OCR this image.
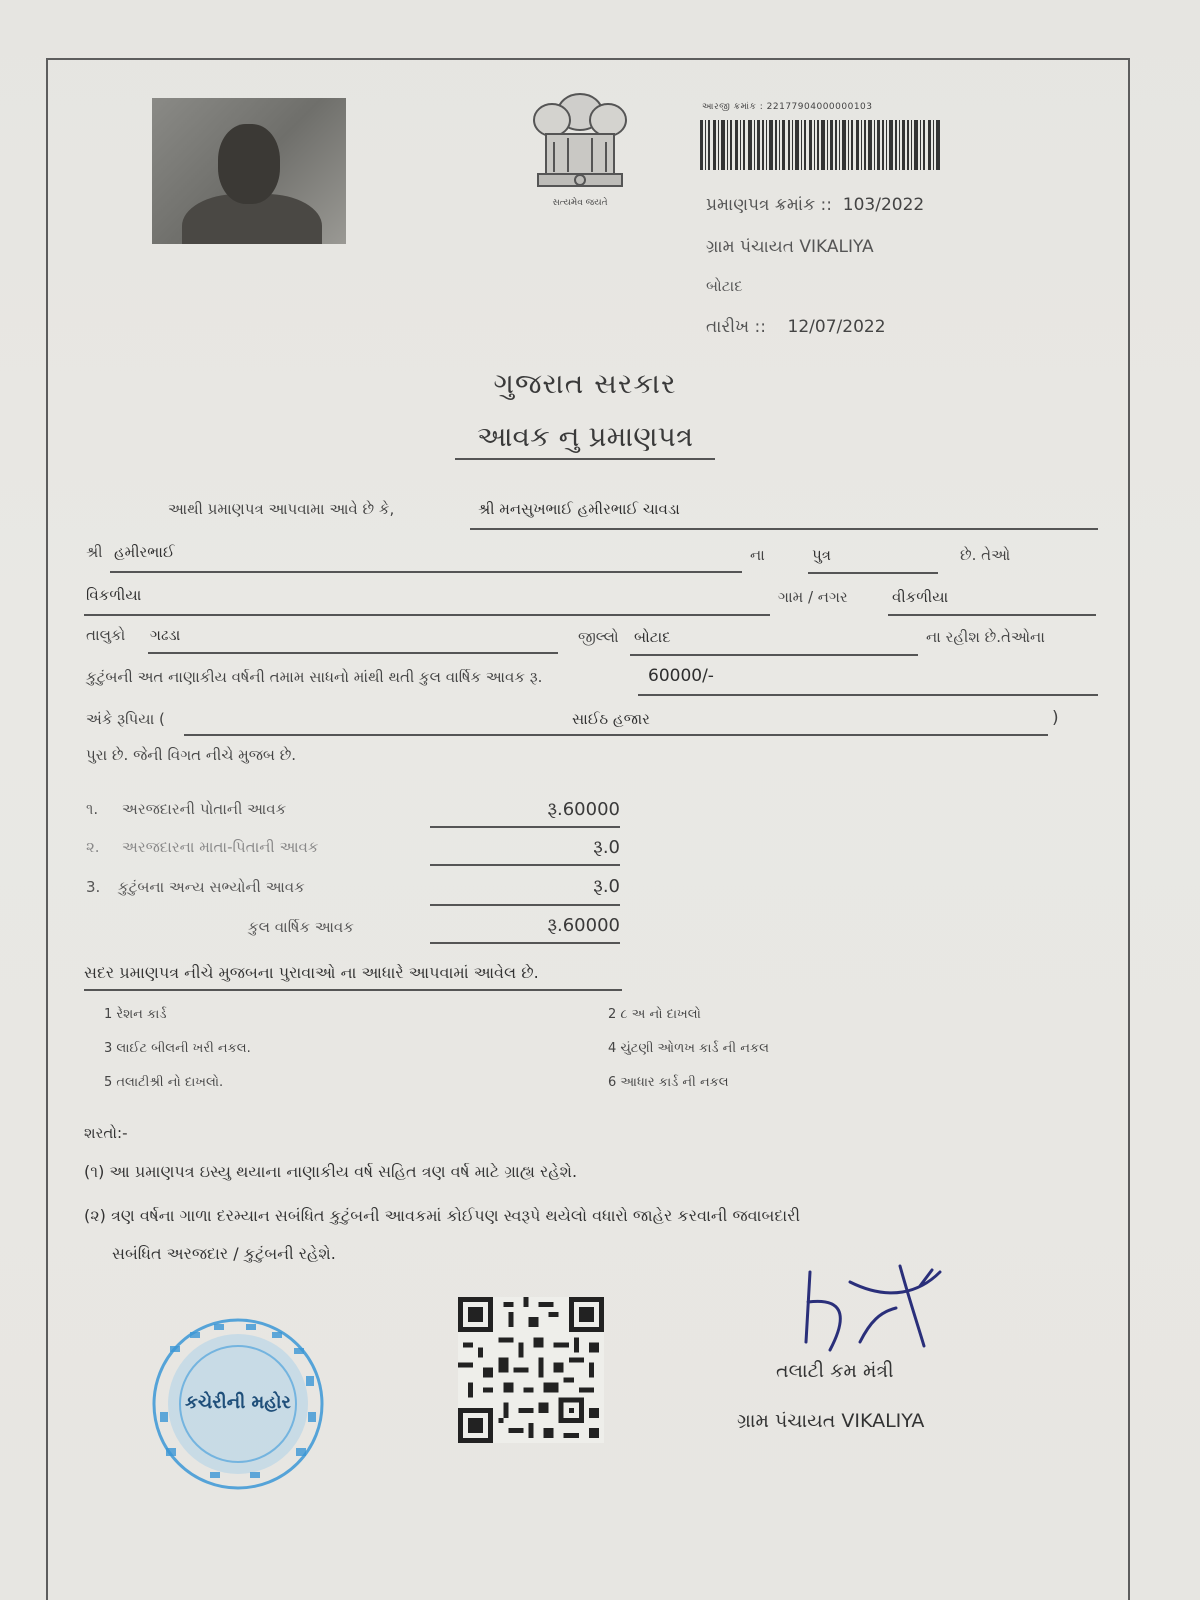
સત્યમેવ જયતે
આરજી ક્રમાંક : 22177904000000103
પ્રમાણપત્ર ક્રમાંક :: 103/2022
ગ્રામ પંચાયત VIKALIYA
બોટાદ
તારીખ :: 12/07/2022
ગુજરાત સરકાર
આવક નુ પ્રમાણપત્ર
આથી પ્રમાણપત્ર આપવામા આવે છે કે,	શ્રી મનસુખભાઈ હમીરભાઈ ચાવડા
શ્રી હમીરભાઈ	ના	પુત્ર	છે. તેઓ
વિકળીયા	ગામ / નગર	વીકળીયા
તાલુકો ગઢડા	જીલ્લો બોટાદ	ના રહીશ છે.તેઓના
કુટુંબની અત નાણાકીય વર્ષની તમામ સાધનો માંથી થતી કુલ વાર્ષિક આવક રૂ.	60000/-
અંકે રૂપિયા (	સાઈઠ હજાર	)
પુરા છે. જેની વિગત નીચે મુજબ છે.
૧. અરજદારની પોતાની આવક	રૂ.60000
૨. અરજદારના માતા-પિતાની આવક	રૂ.0
3. કુટુંબના અન્ય સભ્યોની આવક	રૂ.0
કુલ વાર્ષિક આવક	રૂ.60000
સદર પ્રમાણપત્ર નીચે મુજબના પુરાવાઓ ના આધારે આપવામાં આવેલ છે.
1 રેશન કાર્ડ	2 ૮ અ નો દાખલો
3 લાઈટ બીલની ખરી નકલ.	4 ચુંટણી ઓળખ કાર્ડ ની નકલ
5 તલાટીશ્રી નો દાખલો.	6 આધાર કાર્ડ ની નકલ
શરતો:-
(૧) આ પ્રમાણપત્ર ઇસ્યુ થયાના નાણાકીય વર્ષ સહિત ત્રણ વર્ષ માટે ગ્રાહ્ય રહેશે.
(૨) ત્રણ વર્ષના ગાળા દરમ્યાન સબંધિત કુટુંબની આવકમાં કોઈપણ સ્વરૂપે થયેલો વધારો જાહેર કરવાની જવાબદારી
સબંધિત અરજદાર / કુટુંબની રહેશે.
કચેરીની મહોર
તલાટી કમ મંત્રી
ગ્રામ પંચાયત VIKALIYA
